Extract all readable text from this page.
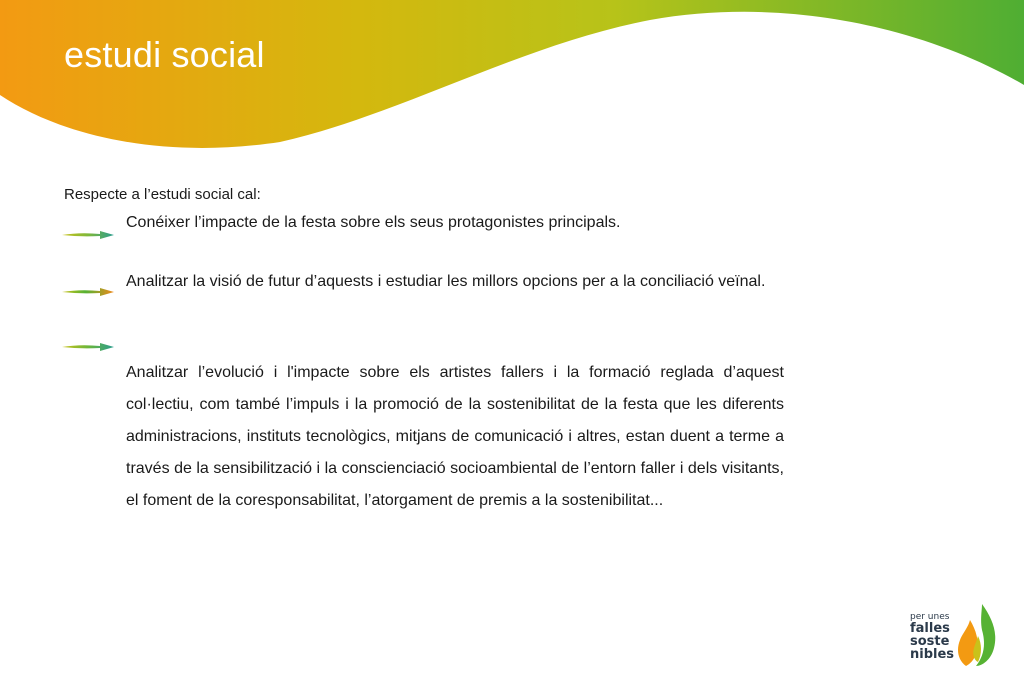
estudi social

Respecte a l’estudi social cal:

Conéixer l’impacte de la festa sobre els seus protagonistes principals.

Analitzar la visió de futur d’aquests i estudiar les millors opcions per a la conciliació veïnal.

Analitzar l’evolució i l'impacte sobre els artistes fallers i la formació reglada d’aquest col·lectiu, com també l’impuls i la promoció de la sostenibilitat de la festa que les diferents administracions, instituts tecnològics, mitjans de comunicació i altres, estan duent a terme a través de la sensibilització i la conscienciació socioambiental de l’entorn faller i dels visitants, el foment de la coresponsabilitat, l’atorgament de premis a la sostenibilitat...

per unes
falles
soste
nibles
